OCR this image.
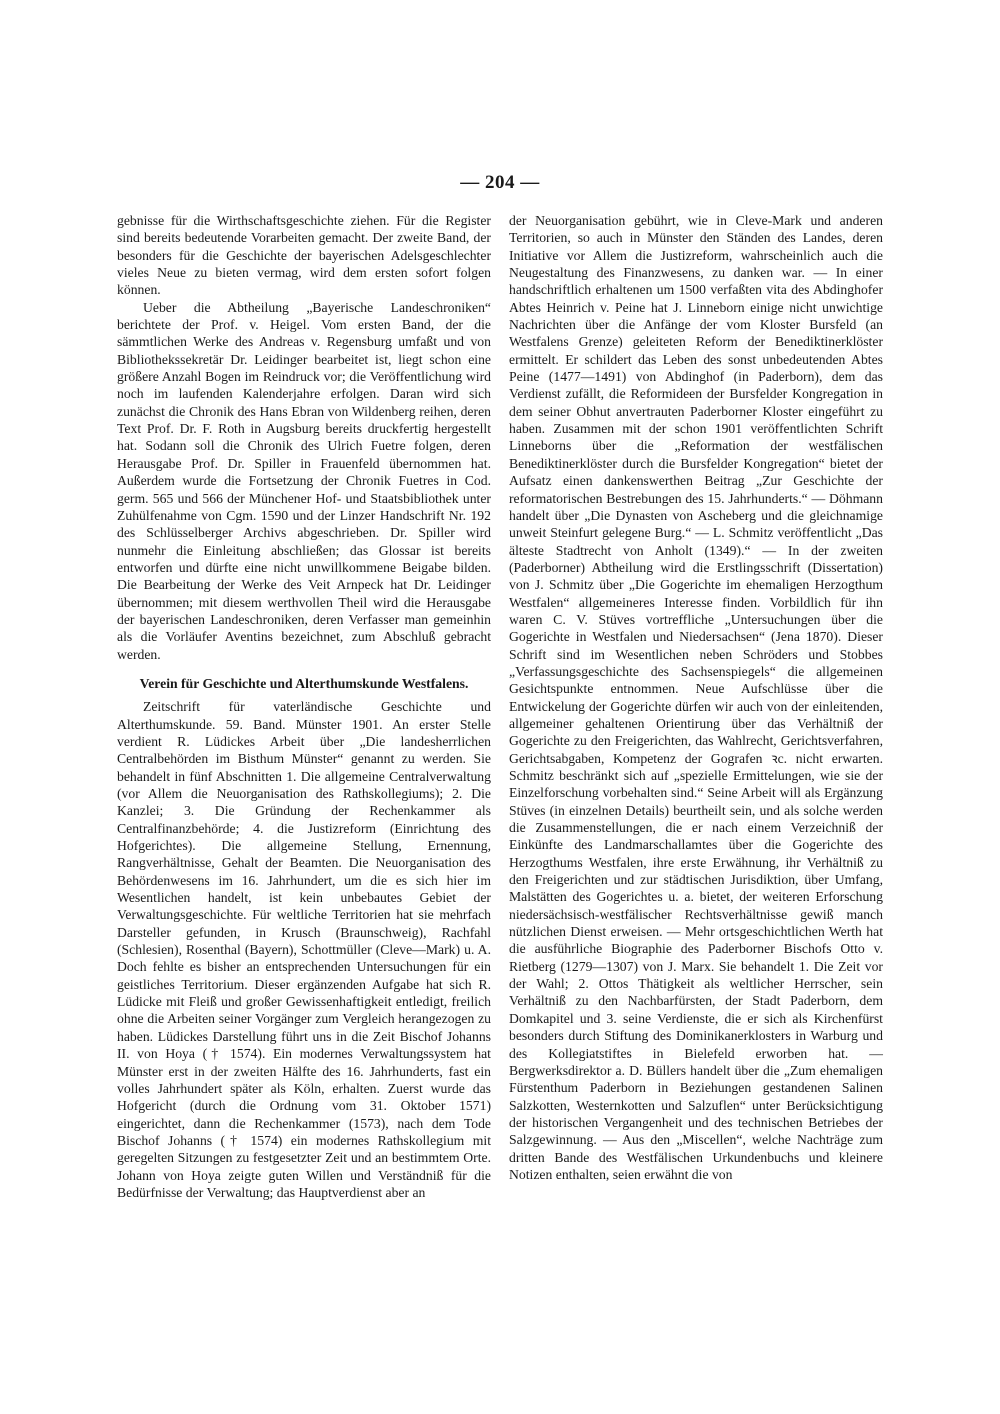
— 204 —

gebnisse für die Wirthschaftsgeschichte ziehen. Für die Register sind bereits bedeutende Vorarbeiten gemacht. Der zweite Band, der besonders für die Geschichte der bayerischen Adelsgeschlechter vieles Neue zu bieten vermag, wird dem ersten sofort folgen können.

Ueber die Abtheilung „Bayerische Landeschroniken“ berichtete der Prof. v. Heigel. Vom ersten Band, der die sämmtlichen Werke des Andreas v. Regensburg umfaßt und von Bibliothekssekretär Dr. Leidinger bearbeitet ist, liegt schon eine größere Anzahl Bogen im Reindruck vor; die Veröffentlichung wird noch im laufenden Kalenderjahre erfolgen. Daran wird sich zunächst die Chronik des Hans Ebran von Wildenberg reihen, deren Text Prof. Dr. F. Roth in Augsburg bereits druckfertig hergestellt hat. Sodann soll die Chronik des Ulrich Fuetre folgen, deren Herausgabe Prof. Dr. Spiller in Frauenfeld übernommen hat. Außerdem wurde die Fortsetzung der Chronik Fuetres in Cod. germ. 565 und 566 der Münchener Hof- und Staatsbibliothek unter Zuhülfenahme von Cgm. 1590 und der Linzer Handschrift Nr. 192 des Schlüsselberger Archivs abgeschrieben. Dr. Spiller wird nunmehr die Einleitung abschließen; das Glossar ist bereits entworfen und dürfte eine nicht unwillkommene Beigabe bilden. Die Bearbeitung der Werke des Veit Arnpeck hat Dr. Leidinger übernommen; mit diesem werthvollen Theil wird die Herausgabe der bayerischen Landeschroniken, deren Verfasser man gemeinhin als die Vorläufer Aventins bezeichnet, zum Abschluß gebracht werden.

Verein für Geschichte und Alterthumskunde Westfalens.

Zeitschrift für vaterländische Geschichte und Alterthumskunde. 59. Band. Münster 1901. An erster Stelle verdient R. Lüdickes Arbeit über „Die landesherrlichen Centralbehörden im Bisthum Münster“ genannt zu werden. Sie behandelt in fünf Abschnitten 1. Die allgemeine Centralverwaltung (vor Allem die Neuorganisation des Rathskollegiums); 2. Die Kanzlei; 3. Die Gründung der Rechenkammer als Centralfinanzbehörde; 4. die Justizreform (Einrichtung des Hofgerichtes). Die allgemeine Stellung, Ernennung, Rangverhältnisse, Gehalt der Beamten. Die Neuorganisation des Behördenwesens im 16. Jahrhundert, um die es sich hier im Wesentlichen handelt, ist kein unbebautes Gebiet der Verwaltungsgeschichte. Für weltliche Territorien hat sie mehrfach Darsteller gefunden, in Krusch (Braunschweig), Rachfahl (Schlesien), Rosenthal (Bayern), Schottmüller (Cleve—Mark) u. A. Doch fehlte es bisher an entsprechenden Untersuchungen für ein geistliches Territorium. Dieser ergänzenden Aufgabe hat sich R. Lüdicke mit Fleiß und großer Gewissenhaftigkeit entledigt, freilich ohne die Arbeiten seiner Vorgänger zum Vergleich herangezogen zu haben. Lüdickes Darstellung führt uns in die Zeit Bischof Johanns II. von Hoya († 1574). Ein modernes Verwaltungssystem hat Münster erst in der zweiten Hälfte des 16. Jahrhunderts, fast ein volles Jahrhundert später als Köln, erhalten. Zuerst wurde das Hofgericht (durch die Ordnung vom 31. Oktober 1571) eingerichtet, dann die Rechenkammer (1573), nach dem Tode Bischof Johanns († 1574) ein modernes Rathskollegium mit geregelten Sitzungen zu festgesetzter Zeit und an bestimmtem Orte. Johann von Hoya zeigte guten Willen und Verständniß für die Bedürfnisse der Verwaltung; das Hauptverdienst aber an

der Neuorganisation gebührt, wie in Cleve-Mark und anderen Territorien, so auch in Münster den Ständen des Landes, deren Initiative vor Allem die Justizreform, wahrscheinlich auch die Neugestaltung des Finanzwesens, zu danken war. — In einer handschriftlich erhaltenen um 1500 verfaßten vita des Abdinghofer Abtes Heinrich v. Peine hat J. Linneborn einige nicht unwichtige Nachrichten über die Anfänge der vom Kloster Bursfeld (an Westfalens Grenze) geleiteten Reform der Benediktinerklöster ermittelt. Er schildert das Leben des sonst unbedeutenden Abtes Peine (1477—1491) von Abdinghof (in Paderborn), dem das Verdienst zufällt, die Reformideen der Bursfelder Kongregation in dem seiner Obhut anvertrauten Paderborner Kloster eingeführt zu haben. Zusammen mit der schon 1901 veröffentlichten Schrift Linneborns über die „Reformation der westfälischen Benediktinerklöster durch die Bursfelder Kongregation“ bietet der Aufsatz einen dankenswerthen Beitrag „Zur Geschichte der reformatorischen Bestrebungen des 15. Jahrhunderts.“ — Döhmann handelt über „Die Dynasten von Ascheberg und die gleichnamige unweit Steinfurt gelegene Burg.“ — L. Schmitz veröffentlicht „Das älteste Stadtrecht von Anholt (1349).“ — In der zweiten (Paderborner) Abtheilung wird die Erstlingsschrift (Dissertation) von J. Schmitz über „Die Gogerichte im ehemaligen Herzogthum Westfalen“ allgemeineres Interesse finden. Vorbildlich für ihn waren C. V. Stüves vortreffliche „Untersuchungen über die Gogerichte in Westfalen und Niedersachsen“ (Jena 1870). Dieser Schrift sind im Wesentlichen neben Schröders und Stobbes „Verfassungsgeschichte des Sachsenspiegels“ die allgemeinen Gesichtspunkte entnommen. Neue Aufschlüsse über die Entwickelung der Gogerichte dürfen wir auch von der einleitenden, allgemeiner gehaltenen Orientirung über das Verhältniß der Gogerichte zu den Freigerichten, das Wahlrecht, Gerichtsverfahren, Gerichtsabgaben, Kompetenz der Gografen ꝛc. nicht erwarten. Schmitz beschränkt sich auf „spezielle Ermittelungen, wie sie der Einzelforschung vorbehalten sind.“ Seine Arbeit will als Ergänzung Stüves (in einzelnen Details) beurtheilt sein, und als solche werden die Zusammenstellungen, die er nach einem Verzeichniß der Einkünfte des Landmarschallamtes über die Gogerichte des Herzogthums Westfalen, ihre erste Erwähnung, ihr Verhältniß zu den Freigerichten und zur städtischen Jurisdiktion, über Umfang, Malstätten des Gogerichtes u. a. bietet, der weiteren Erforschung niedersächsisch-westfälischer Rechtsverhältnisse gewiß manch nützlichen Dienst erweisen. — Mehr ortsgeschichtlichen Werth hat die ausführliche Biographie des Paderborner Bischofs Otto v. Rietberg (1279—1307) von J. Marx. Sie behandelt 1. Die Zeit vor der Wahl; 2. Ottos Thätigkeit als weltlicher Herrscher, sein Verhältniß zu den Nachbarfürsten, der Stadt Paderborn, dem Domkapitel und 3. seine Verdienste, die er sich als Kirchenfürst besonders durch Stiftung des Dominikanerklosters in Warburg und des Kollegiatstiftes in Bielefeld erworben hat. — Bergwerksdirektor a. D. Büllers handelt über die „Zum ehemaligen Fürstenthum Paderborn in Beziehungen gestandenen Salinen Salzkotten, Westernkotten und Salzuflen“ unter Berücksichtigung der historischen Vergangenheit und des technischen Betriebes der Salzgewinnung. — Aus den „Miscellen“, welche Nachträge zum dritten Bande des Westfälischen Urkundenbuchs und kleinere Notizen enthalten, seien erwähnt die von
